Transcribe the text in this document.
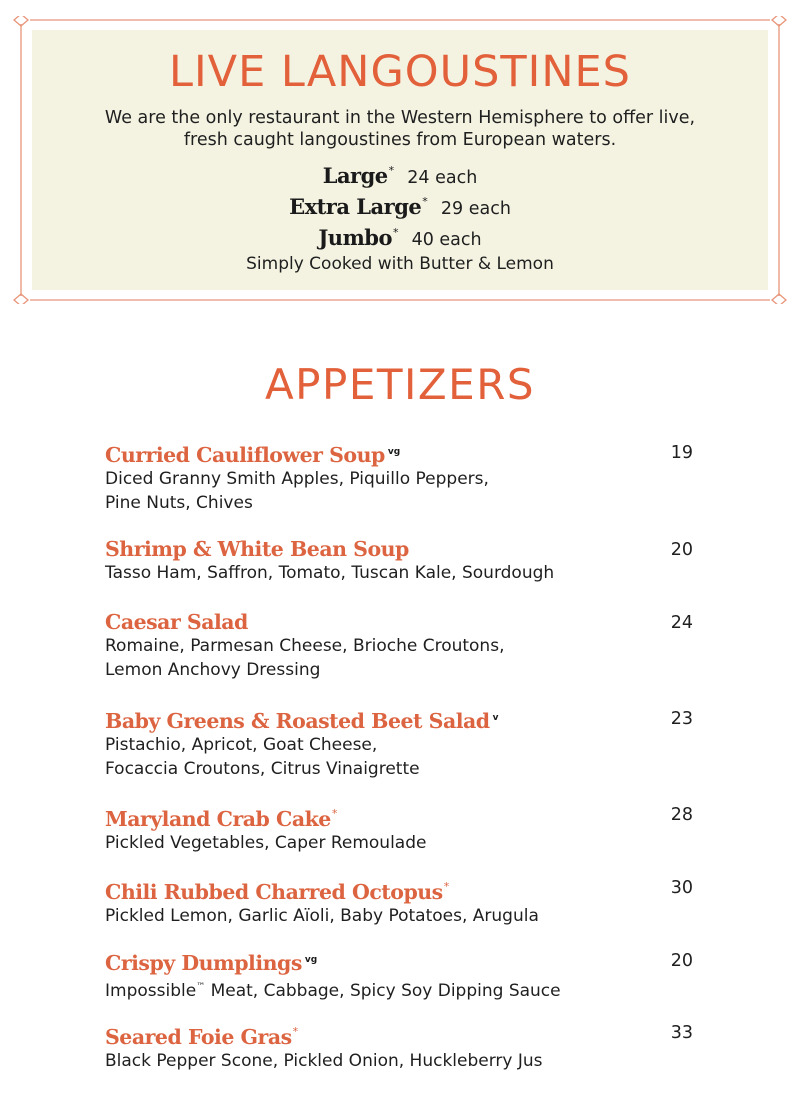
LIVE LANGOUSTINES
We are the only restaurant in the Western Hemisphere to offer live,
fresh caught langoustines from European waters.
Large* 24 each
Extra Large* 29 each
Jumbo* 40 each
Simply Cooked with Butter & Lemon
APPETIZERS
Curried Cauliflower Soup $^{vg}$
Diced Granny Smith Apples, Piquillo Peppers,
Pine Nuts, Chives
19
Shrimp & White Bean Soup
Tasso Ham, Saffron, Tomato, Tuscan Kale, Sourdough
20
Caesar Salad
Romaine, Parmesan Cheese, Brioche Croutons,
Lemon Anchovy Dressing
24
Baby Greens & Roasted Beet Salad $^v$
Pistachio, Apricot, Goat Cheese,
Focaccia Croutons, Citrus Vinaigrette
23
Maryland Crab Cake*
Pickled Vegetables, Caper Remoulade
28
Chili Rubbed Charred Octopus*
Pickled Lemon, Garlic Aïoli, Baby Potatoes, Arugula
30
Crispy Dumplings $^{vg}$
Impossible™ Meat, Cabbage, Spicy Soy Dipping Sauce
20
Seared Foie Gras*
Black Pepper Scone, Pickled Onion, Huckleberry Jus
33
